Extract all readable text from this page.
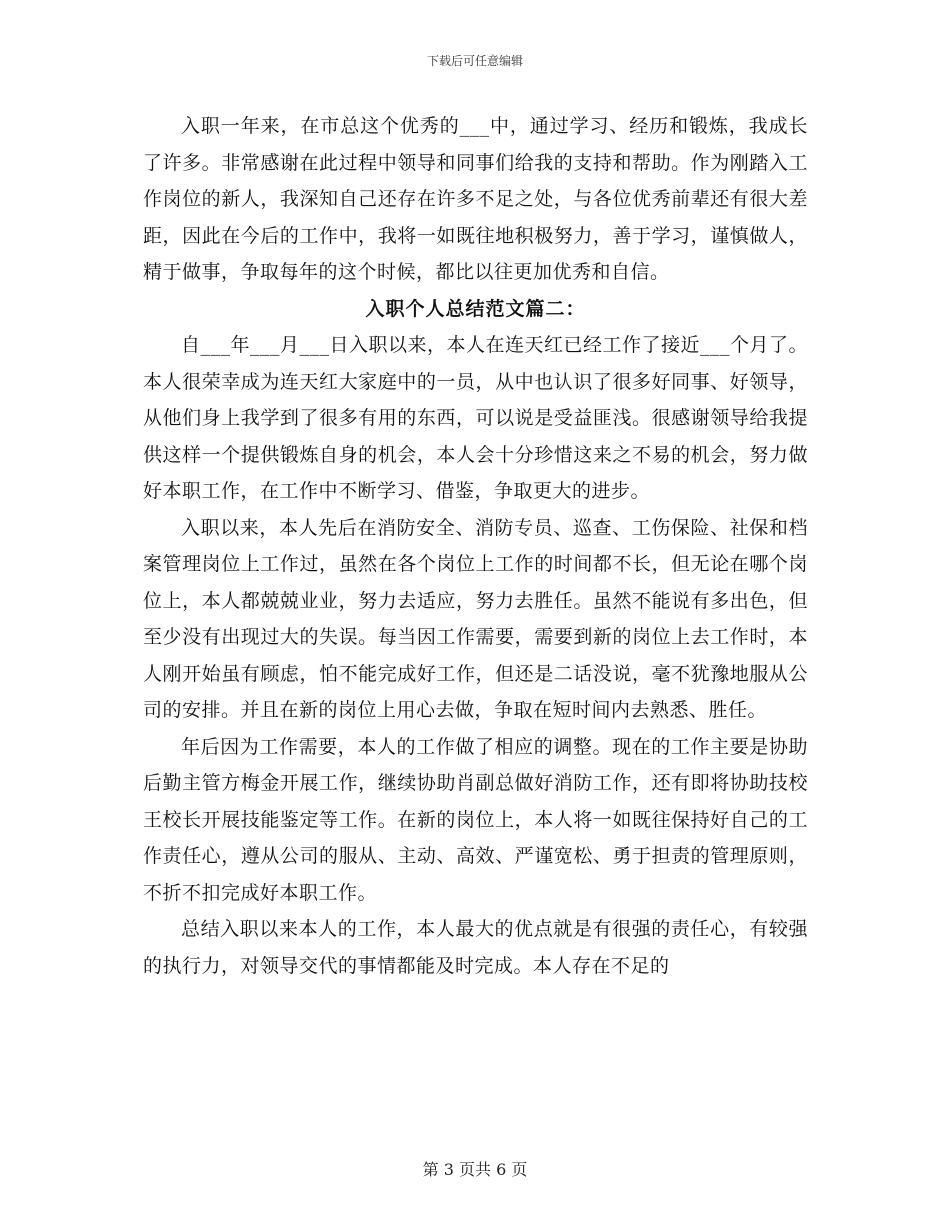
下载后可任意编辑

入职一年来，在市总这个优秀的___中，通过学习、经历和锻炼，我成长了许多。非常感谢在此过程中领导和同事们给我的支持和帮助。作为刚踏入工作岗位的新人，我深知自己还存在许多不足之处，与各位优秀前辈还有很大差距，因此在今后的工作中，我将一如既往地积极努力，善于学习，谨慎做人，精于做事，争取每年的这个时候，都比以往更加优秀和自信。

入职个人总结范文篇二：

自___年___月___日入职以来，本人在连天红已经工作了接近___个月了。本人很荣幸成为连天红大家庭中的一员，从中也认识了很多好同事、好领导，从他们身上我学到了很多有用的东西，可以说是受益匪浅。很感谢领导给我提供这样一个提供锻炼自身的机会，本人会十分珍惜这来之不易的机会，努力做好本职工作，在工作中不断学习、借鉴，争取更大的进步。

入职以来，本人先后在消防安全、消防专员、巡查、工伤保险、社保和档案管理岗位上工作过，虽然在各个岗位上工作的时间都不长，但无论在哪个岗位上，本人都兢兢业业，努力去适应，努力去胜任。虽然不能说有多出色，但至少没有出现过大的失误。每当因工作需要，需要到新的岗位上去工作时，本人刚开始虽有顾虑，怕不能完成好工作，但还是二话没说，毫不犹豫地服从公司的安排。并且在新的岗位上用心去做，争取在短时间内去熟悉、胜任。

年后因为工作需要，本人的工作做了相应的调整。现在的工作主要是协助后勤主管方梅金开展工作，继续协助肖副总做好消防工作，还有即将协助技校王校长开展技能鉴定等工作。在新的岗位上，本人将一如既往保持好自己的工作责任心，遵从公司的服从、主动、高效、严谨宽松、勇于担责的管理原则，不折不扣完成好本职工作。

总结入职以来本人的工作，本人最大的优点就是有很强的责任心，有较强的执行力，对领导交代的事情都能及时完成。本人存在不足的

第 3 页共 6 页
